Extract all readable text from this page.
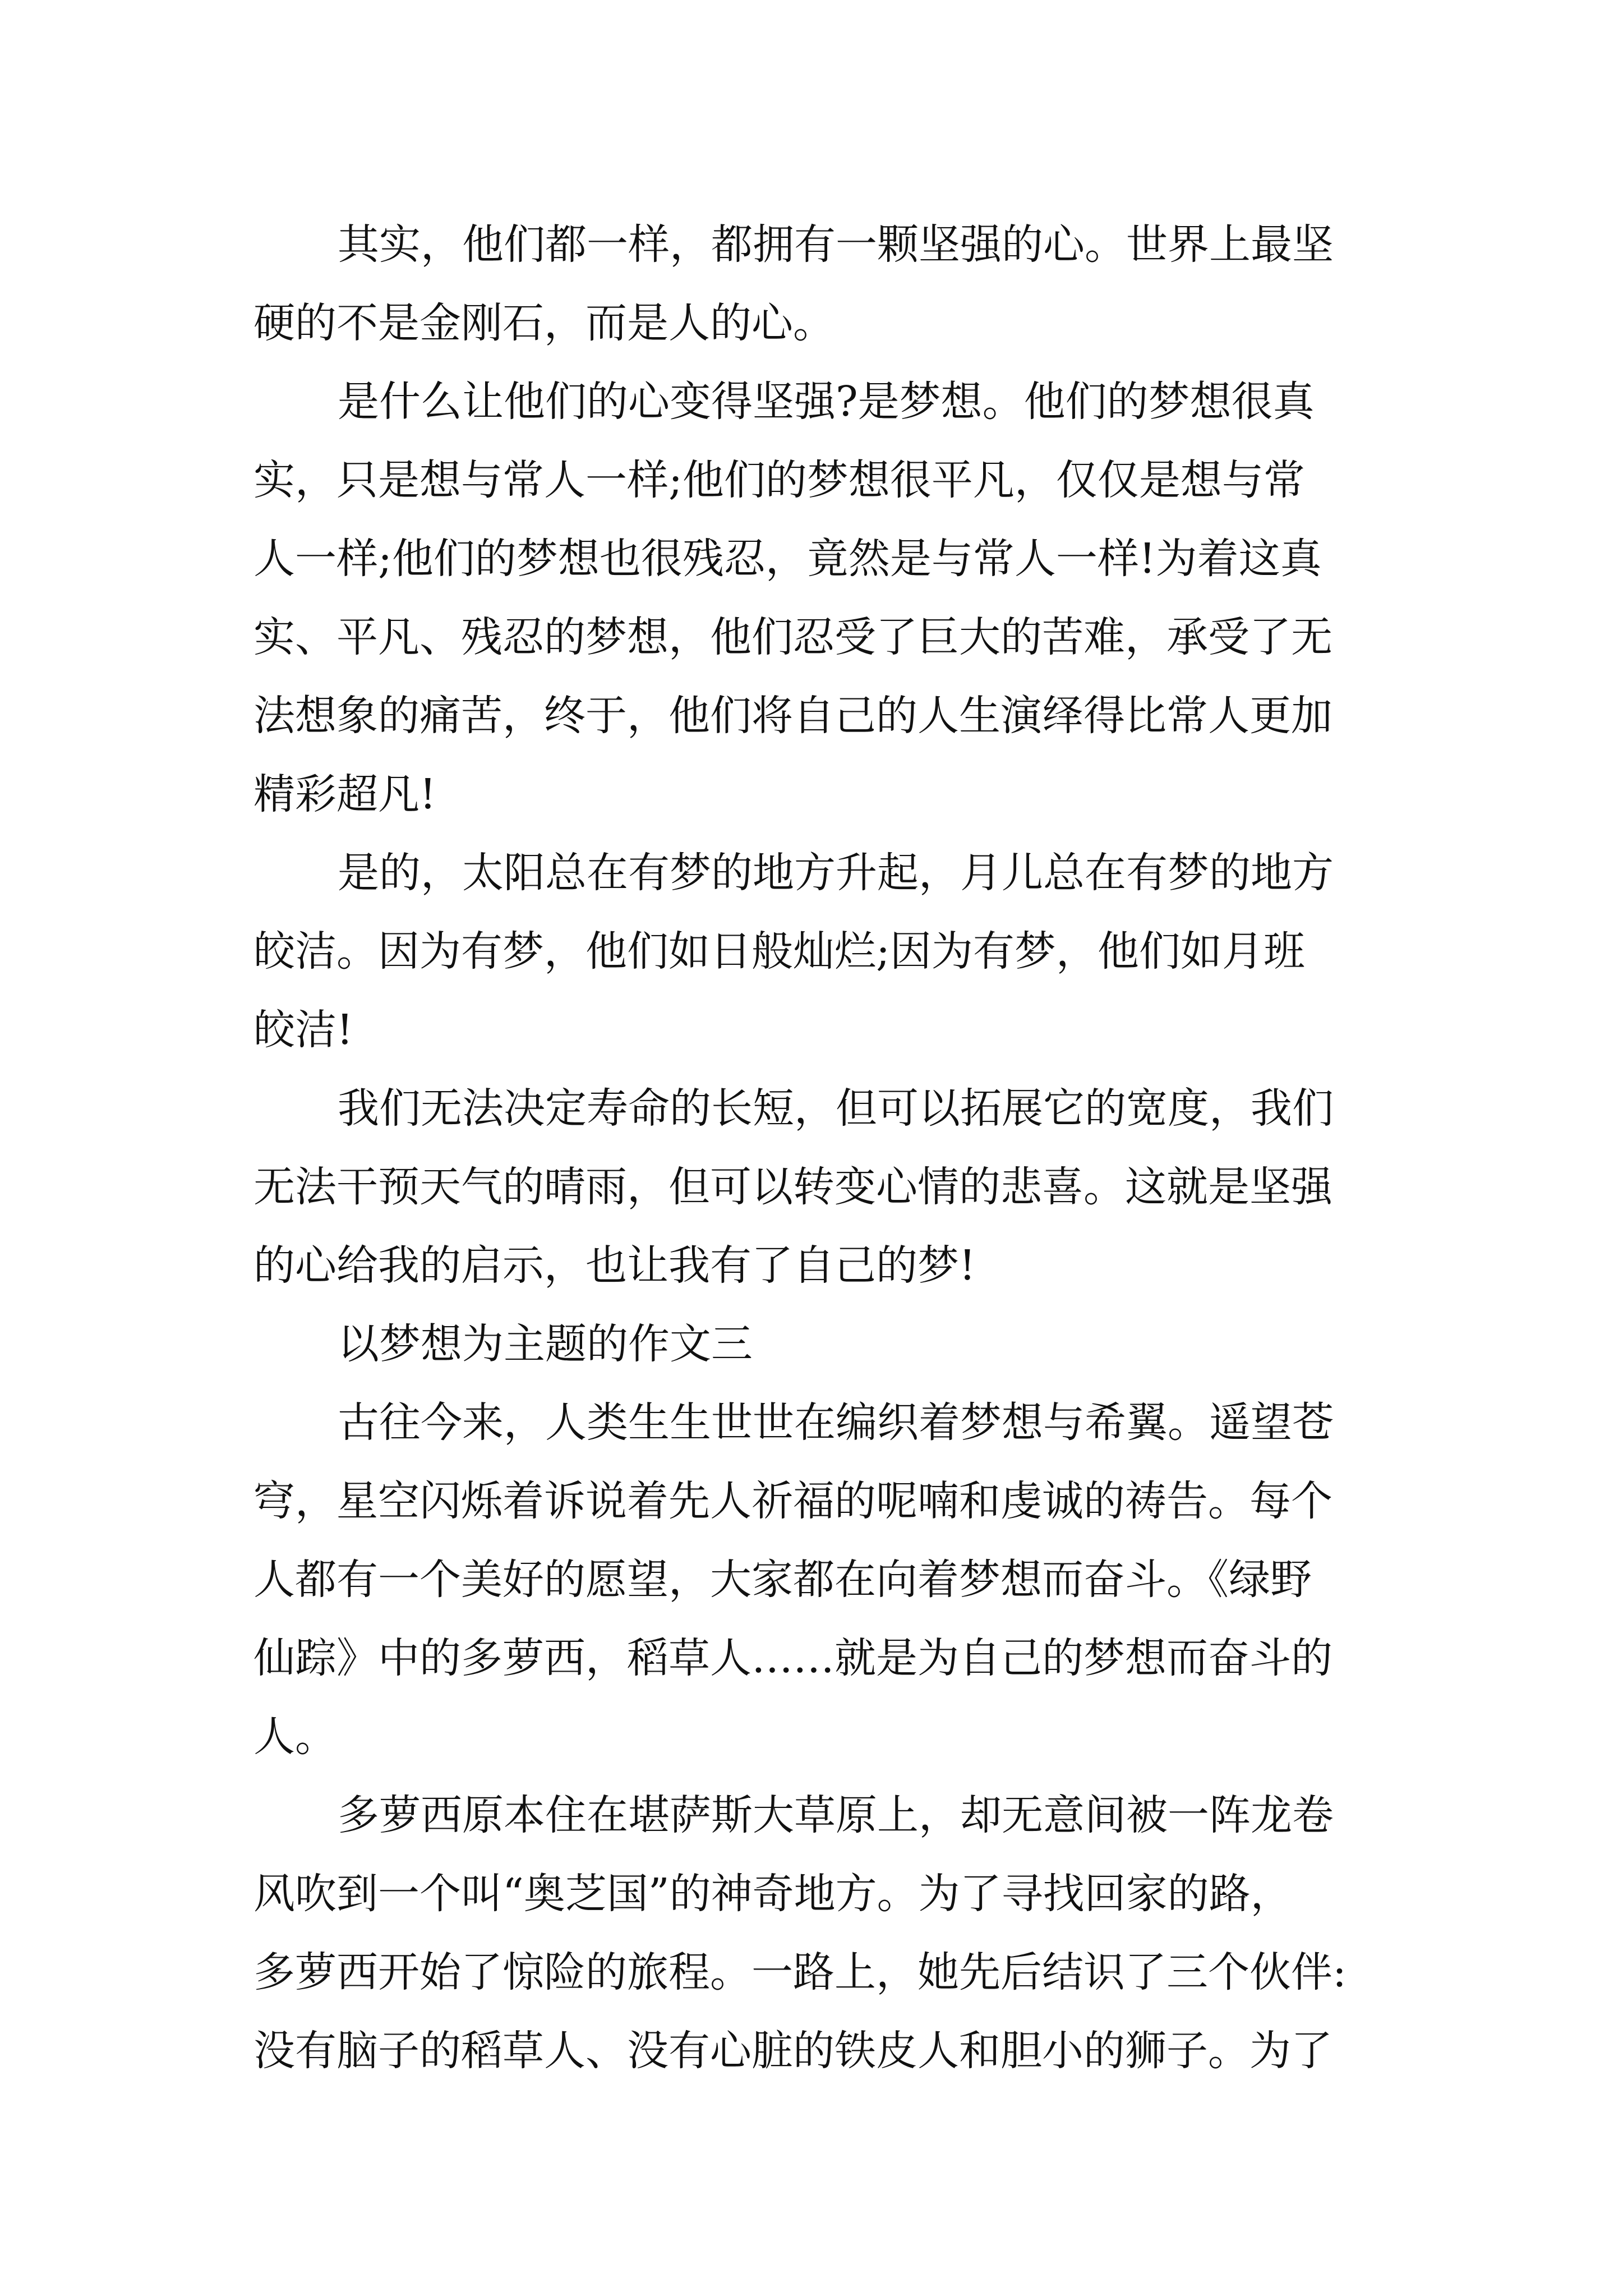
其实，他们都一样，都拥有一颗坚强的心。世界上最坚
硬的不是金刚石，而是人的心。
是什么让他们的心变得坚强?是梦想。他们的梦想很真
实，只是想与常人一样;他们的梦想很平凡，仅仅是想与常
人一样;他们的梦想也很残忍，竟然是与常人一样!为着这真
实、平凡、残忍的梦想，他们忍受了巨大的苦难，承受了无
法想象的痛苦，终于，他们将自己的人生演绎得比常人更加
精彩超凡!
是的，太阳总在有梦的地方升起，月儿总在有梦的地方
皎洁。因为有梦，他们如日般灿烂;因为有梦，他们如月班
皎洁!
我们无法决定寿命的长短，但可以拓展它的宽度，我们
无法干预天气的晴雨，但可以转变心情的悲喜。这就是坚强
的心给我的启示，也让我有了自己的梦!
以梦想为主题的作文三
古往今来，人类生生世世在编织着梦想与希翼。遥望苍
穹，星空闪烁着诉说着先人祈福的呢喃和虔诚的祷告。每个
人都有一个美好的愿望，大家都在向着梦想而奋斗。《绿野
仙踪》中的多萝西，稻草人……就是为自己的梦想而奋斗的
人。
多萝西原本住在堪萨斯大草原上，却无意间被一阵龙卷
风吹到一个叫“奥芝国”的神奇地方。为了寻找回家的路，
多萝西开始了惊险的旅程。一路上，她先后结识了三个伙伴:
没有脑子的稻草人、没有心脏的铁皮人和胆小的狮子。为了
